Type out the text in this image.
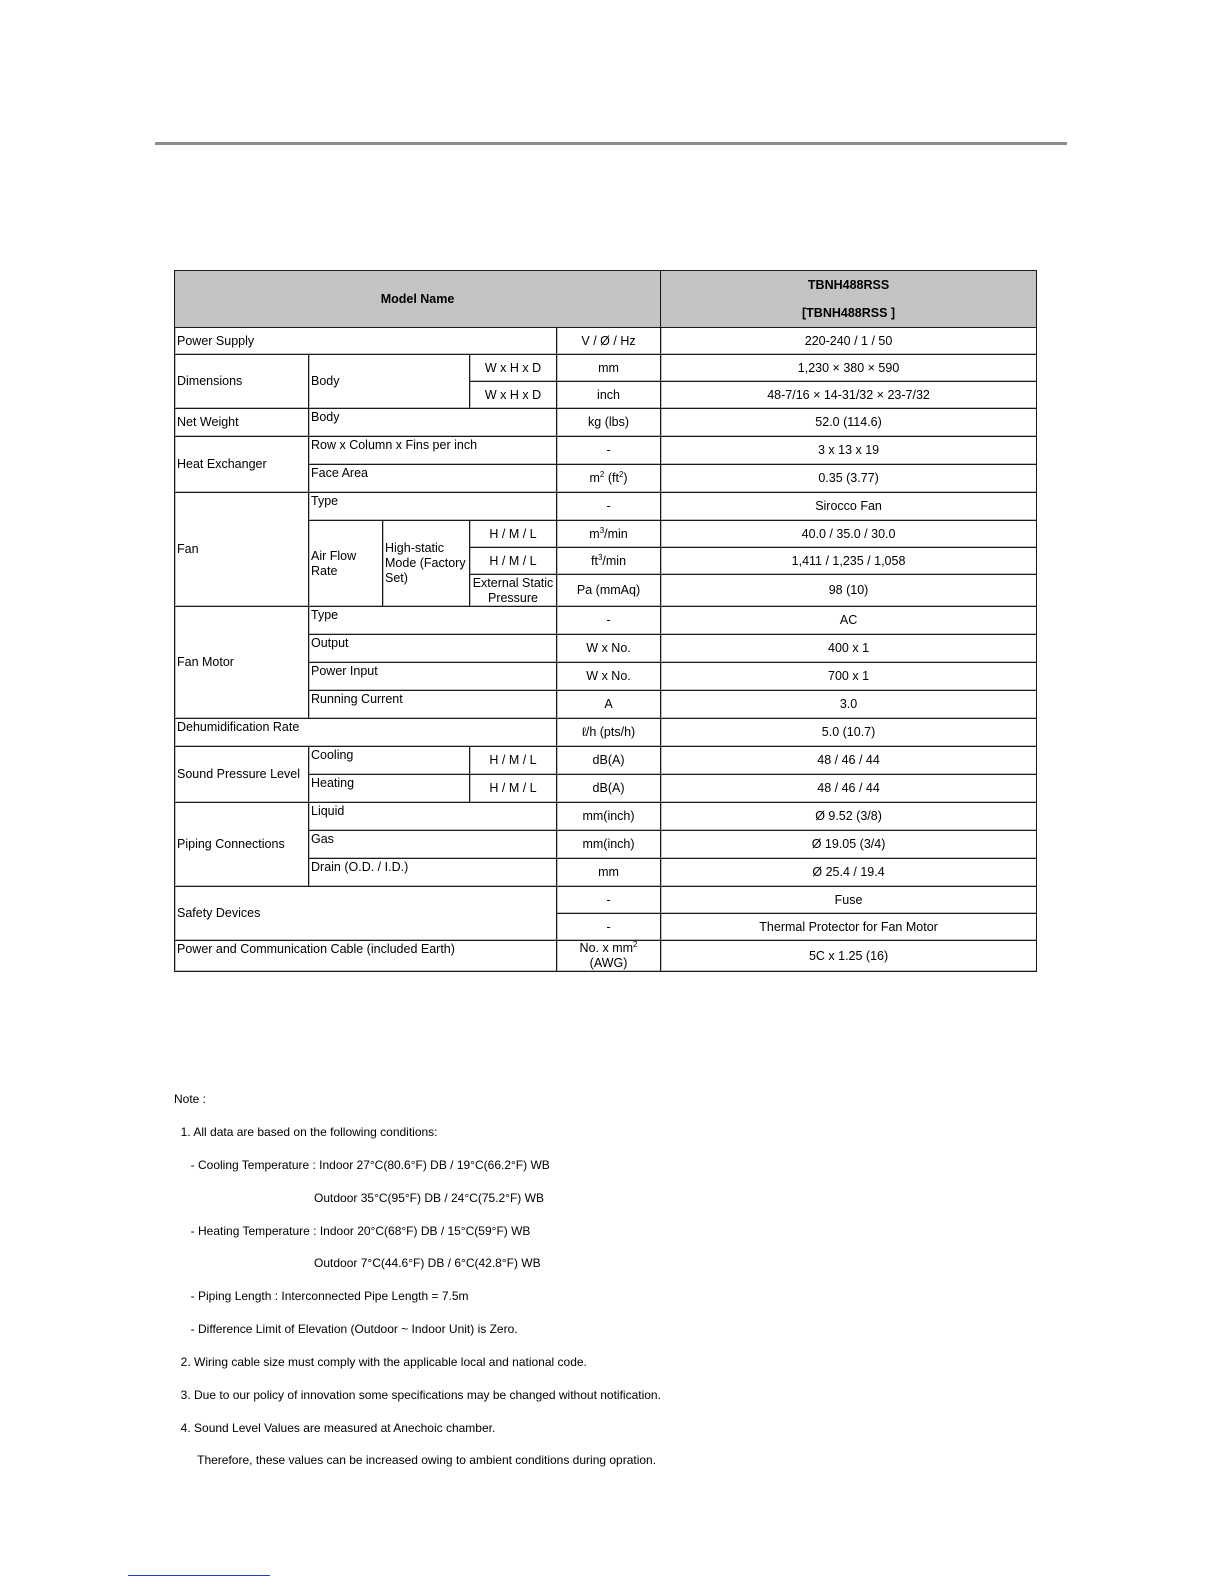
Model Name					TBNH488RSS
[TBNH488RSS ]

Power Supply				V / Ø / Hz	220-240 / 1 / 50
Dimensions	Body		W x H x D	mm	1,230 × 380 × 590
			W x H x D	inch	48-7/16 × 14-31/32 × 23-7/32
Net Weight	Body			kg (lbs)	52.0 (114.6)
Heat Exchanger	Row x Column x Fins per inch			-	3 x 13 x 19
	Face Area			$m^2$ $(ft^2)$	0.35 (3.77)
Fan	Type			-	Sirocco Fan
	Air Flow Rate	High-static Mode (Factory Set)	H / M / L	$m^3/\min$	40.0 / 35.0 / 30.0
			H / M / L	$ft^3/\min$	1,411 / 1,235 / 1,058
			External Static Pressure	Pa (mmAq)	98 (10)
Fan Motor	Type			-	AC
	Output			W x No.	400 x 1
	Power Input			W x No.	700 x 1
	Running Current			A	3.0
Dehumidification Rate				ℓ/h (pts/h)	5.0 (10.7)
Sound Pressure Level	Cooling		H / M / L	dB(A)	48 / 46 / 44
	Heating		H / M / L	dB(A)	48 / 46 / 44
Piping Connections	Liquid			mm(inch)	Ø 9.52 (3/8)
	Gas			mm(inch)	Ø 19.05 (3/4)
	Drain (O.D. / I.D.)			mm	Ø 25.4 / 19.4
Safety Devices				-	Fuse
				-	Thermal Protector for Fan Motor
Power and Communication Cable (included Earth)				No. x $mm^2$ (AWG)	5C x 1.25 (16)

Note :

1. All data are based on the following conditions:

- Cooling Temperature : Indoor 27°C(80.6°F) DB / 19°C(66.2°F) WB

Outdoor 35°C(95°F) DB / 24°C(75.2°F) WB

- Heating Temperature : Indoor 20°C(68°F) DB / 15°C(59°F) WB

Outdoor 7°C(44.6°F) DB / 6°C(42.8°F) WB

- Piping Length : Interconnected Pipe Length = 7.5m

- Difference Limit of Elevation (Outdoor ~ Indoor Unit) is Zero.

2. Wiring cable size must comply with the applicable local and national code.

3. Due to our policy of innovation some specifications may be changed without notification.

4. Sound Level Values are measured at Anechoic chamber.

Therefore, these values can be increased owing to ambient conditions during opration.
